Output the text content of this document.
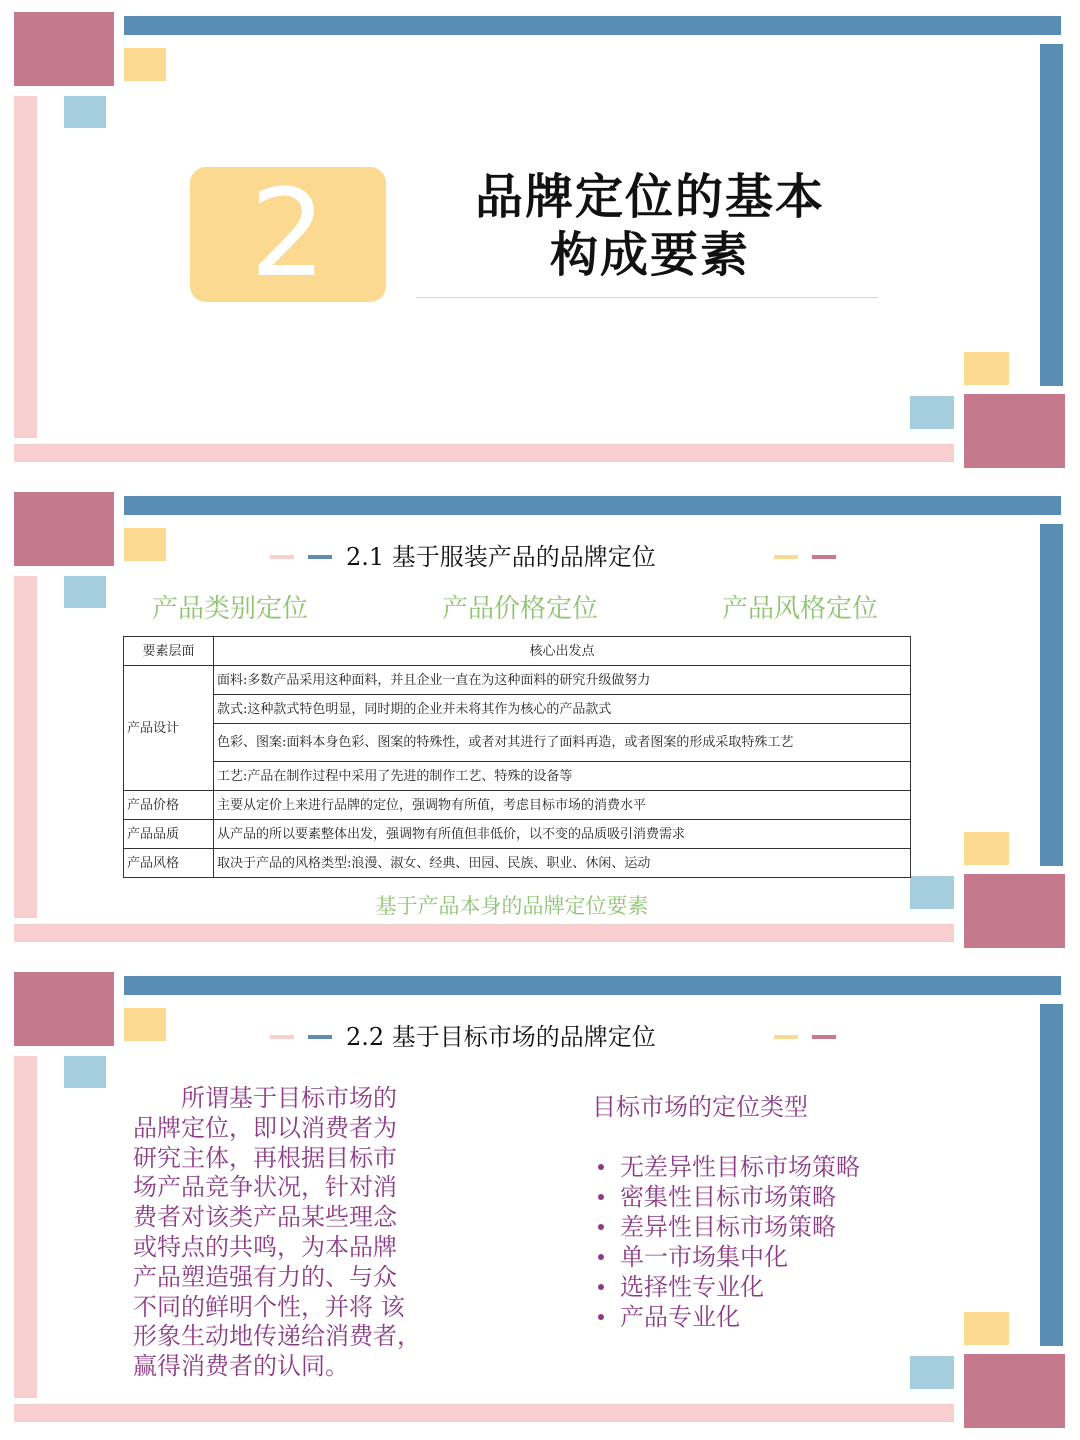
2	品牌定位的基本
构成要素
2.1 基于服装产品的品牌定位
产品类别定位	产品价格定位	产品风格定位
要素层面	核心出发点
产品设计	面料:多数产品采用这种面料，并且企业一直在为这种面料的研究升级做努力
	款式:这种款式特色明显，同时期的企业并未将其作为核心的产品款式
	色彩、图案:面料本身色彩、图案的特殊性，或者对其进行了面料再造，或者图案的形成采取特殊工艺
	工艺:产品在制作过程中采用了先进的制作工艺、特殊的设备等
产品价格	主要从定价上来进行品牌的定位，强调物有所值，考虑目标市场的消费水平
产品品质	从产品的所以要素整体出发，强调物有所值但非低价，以不变的品质吸引消费需求
产品风格	取决于产品的风格类型:浪漫、淑女、经典、田园、民族、职业、休闲、运动
基于产品本身的品牌定位要素
2.2 基于目标市场的品牌定位
　　所谓基于目标市场的
品牌定位，即以消费者为
研究主体，再根据目标市
场产品竞争状况，针对消
费者对该类产品某些理念
或特点的共鸣，为本品牌
产品塑造强有力的、与众
不同的鲜明个性，并将 该
形象生动地传递给消费者，
赢得消费者的认同。
目标市场的定位类型
无差异性目标市场策略
密集性目标市场策略
差异性目标市场策略
单一市场集中化
选择性专业化
产品专业化
